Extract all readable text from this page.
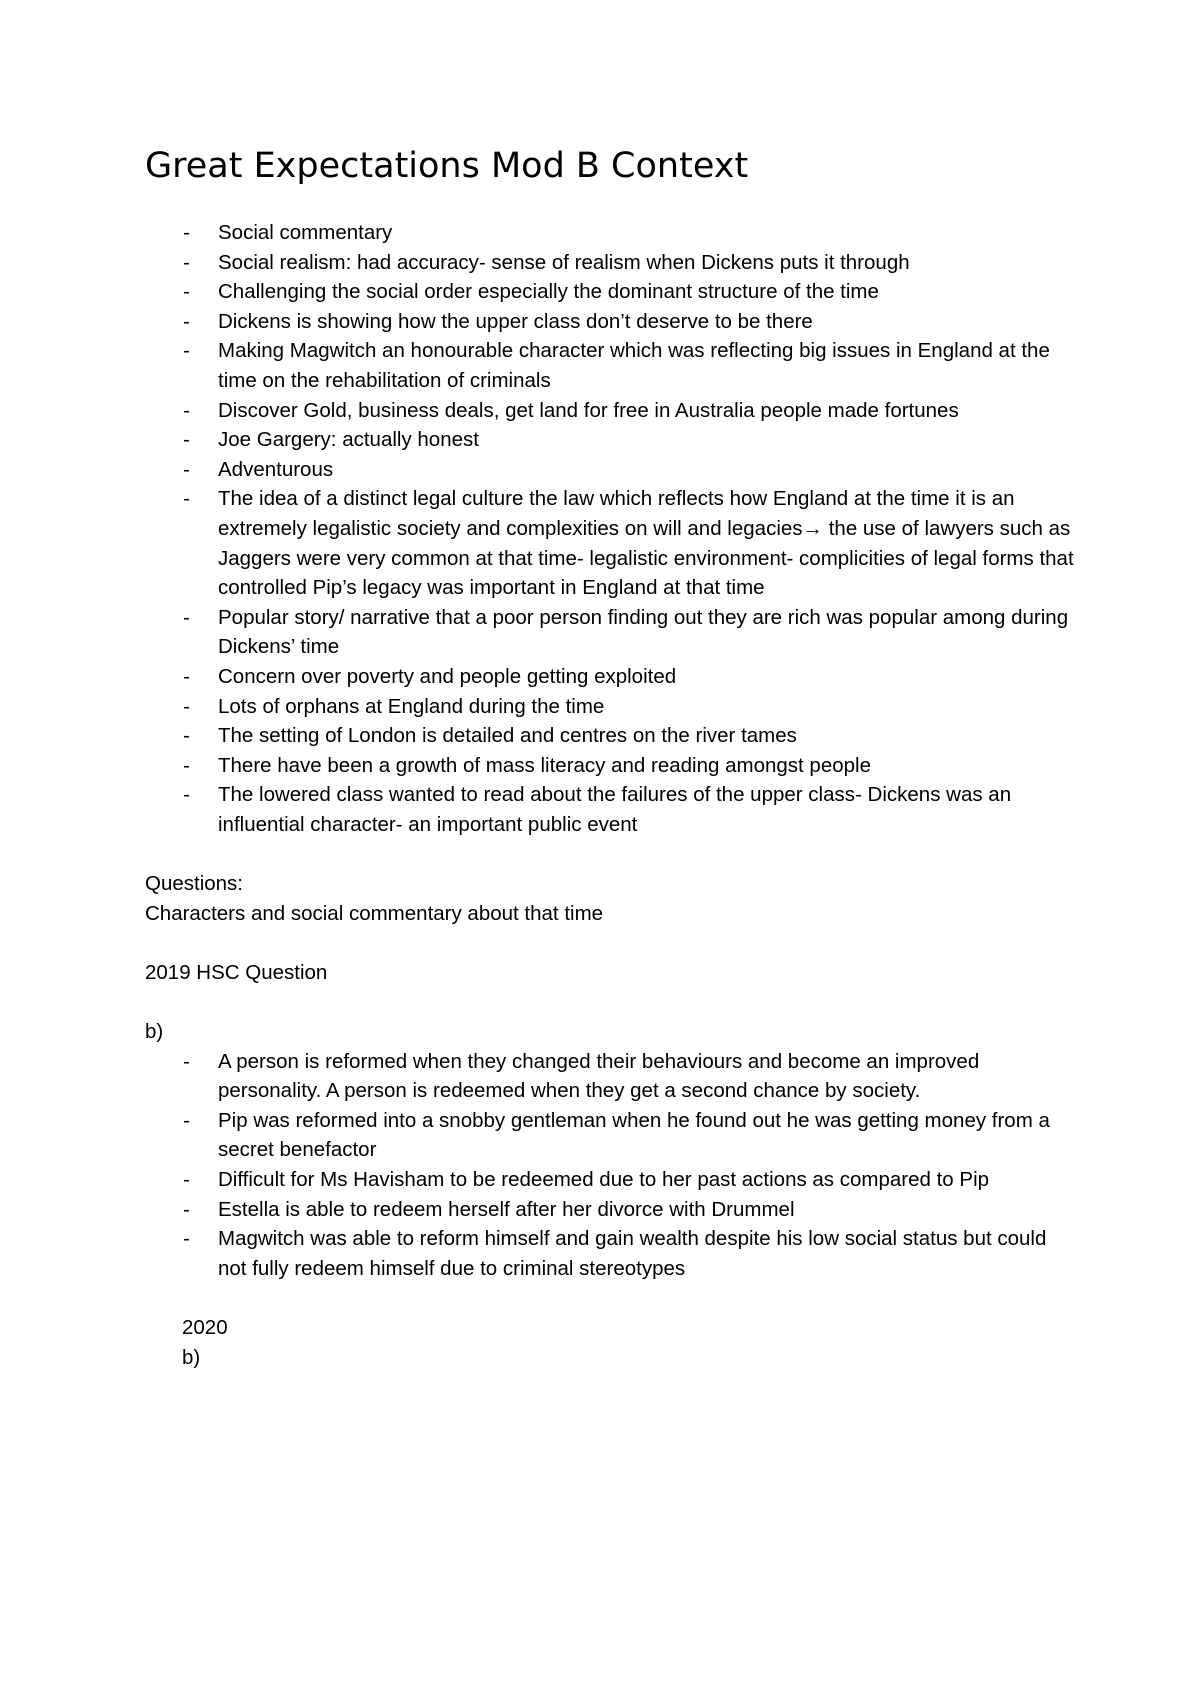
Great Expectations Mod B Context
- Social commentary
- Social realism: had accuracy- sense of realism when Dickens puts it through
- Challenging the social order especially the dominant structure of the time
- Dickens is showing how the upper class don’t deserve to be there
- Making Magwitch an honourable character which was reflecting big issues in England at the time on the rehabilitation of criminals
- Discover Gold, business deals, get land for free in Australia people made fortunes
- Joe Gargery: actually honest
- Adventurous
- The idea of a distinct legal culture the law which reflects how England at the time it is an extremely legalistic society and complexities on will and legacies→ the use of lawyers such as Jaggers were very common at that time- legalistic environment- complicities of legal forms that controlled Pip’s legacy was important in England at that time
- Popular story/ narrative that a poor person finding out they are rich was popular among during Dickens’ time
- Concern over poverty and people getting exploited
- Lots of orphans at England during the time
- The setting of London is detailed and centres on the river tames
- There have been a growth of mass literacy and reading amongst people
- The lowered class wanted to read about the failures of the upper class- Dickens was an influential character- an important public event

Questions:

Characters and social commentary about that time

2019 HSC Question

b)

- A person is reformed when they changed their behaviours and become an improved personality. A person is redeemed when they get a second chance by society.
- Pip was reformed into a snobby gentleman when he found out he was getting money from a secret benefactor
- Difficult for Ms Havisham to be redeemed due to her past actions as compared to Pip
- Estella is able to redeem herself after her divorce with Drummel
- Magwitch was able to reform himself and gain wealth despite his low social status but could not fully redeem himself due to criminal stereotypes

2020

b)
